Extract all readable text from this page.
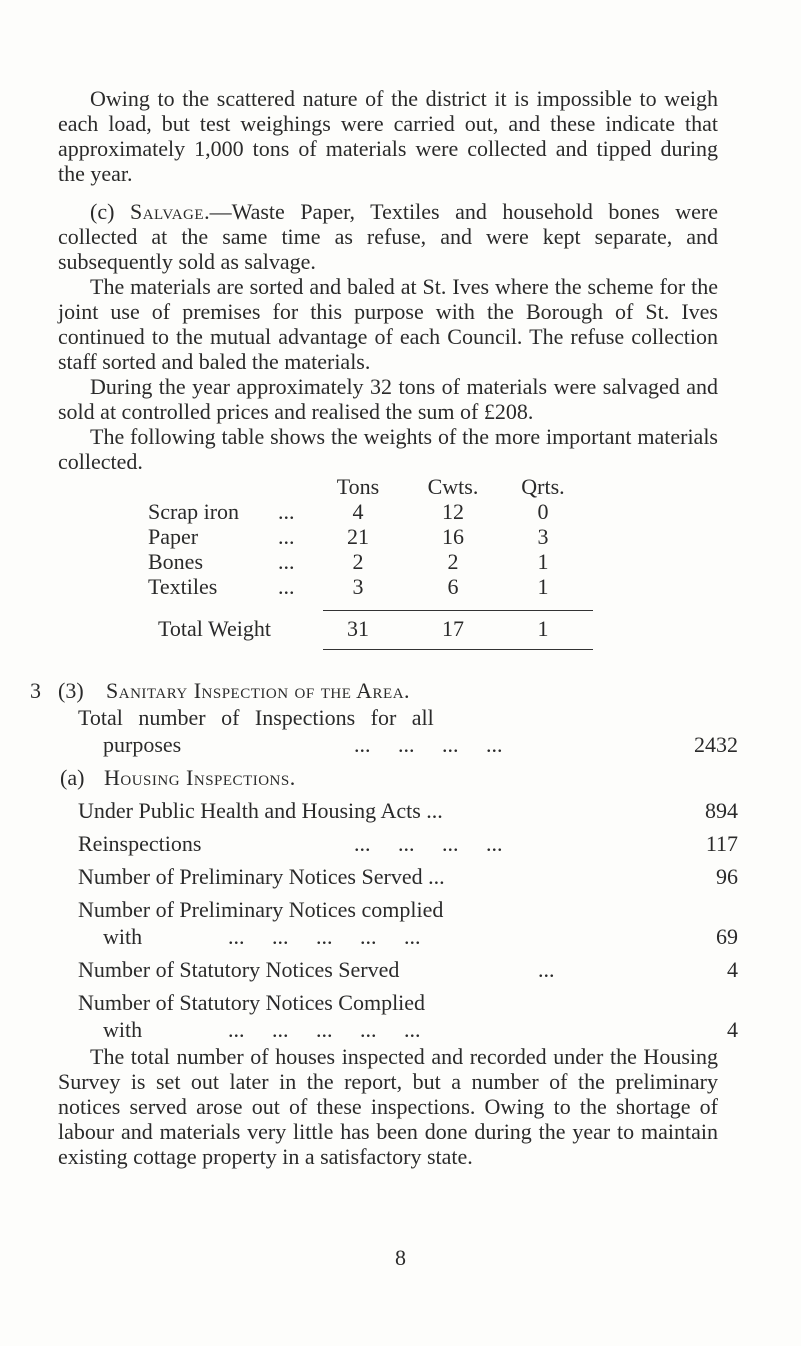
Owing to the scattered nature of the district it is impossible to weigh each load, but test weighings were carried out, and these indicate that approximately 1,000 tons of materials were collected and tipped during the year.

(c) Salvage.—Waste Paper, Textiles and household bones were collected at the same time as refuse, and were kept separate, and subsequently sold as salvage.

The materials are sorted and baled at St. Ives where the scheme for the joint use of premises for this purpose with the Borough of St. Ives continued to the mutual advantage of each Council. The refuse collection staff sorted and baled the materials.

During the year approximately 32 tons of materials were salvaged and sold at controlled prices and realised the sum of £208.

The following table shows the weights of the more important materials collected.

Tons	Cwts.	Qrts.
Scrap iron ...	4	12	0
Paper	...	21	16	3
Bones	...	2	2	1
Textiles	...	3	6	1
Total Weight	31	17	1
3 (3) Sanitary Inspection of the Area.
Total number of Inspections for all
purposes	...     ...     ...     ...	2432
(a) Housing Inspections.
Under Public Health and Housing Acts ...	894
Reinspections	...     ...     ...     ...	117
Number of Preliminary Notices Served ...	96
Number of Preliminary Notices complied
with	...     ...     ...     ...     ...	69
Number of Statutory Notices Served	...	4
Number of Statutory Notices Complied
with	...     ...     ...     ...     ...	4

The total number of houses inspected and recorded under the Housing Survey is set out later in the report, but a number of the preliminary notices served arose out of these inspections. Owing to the shortage of labour and materials very little has been done during the year to maintain existing cottage property in a satisfactory state.

8
